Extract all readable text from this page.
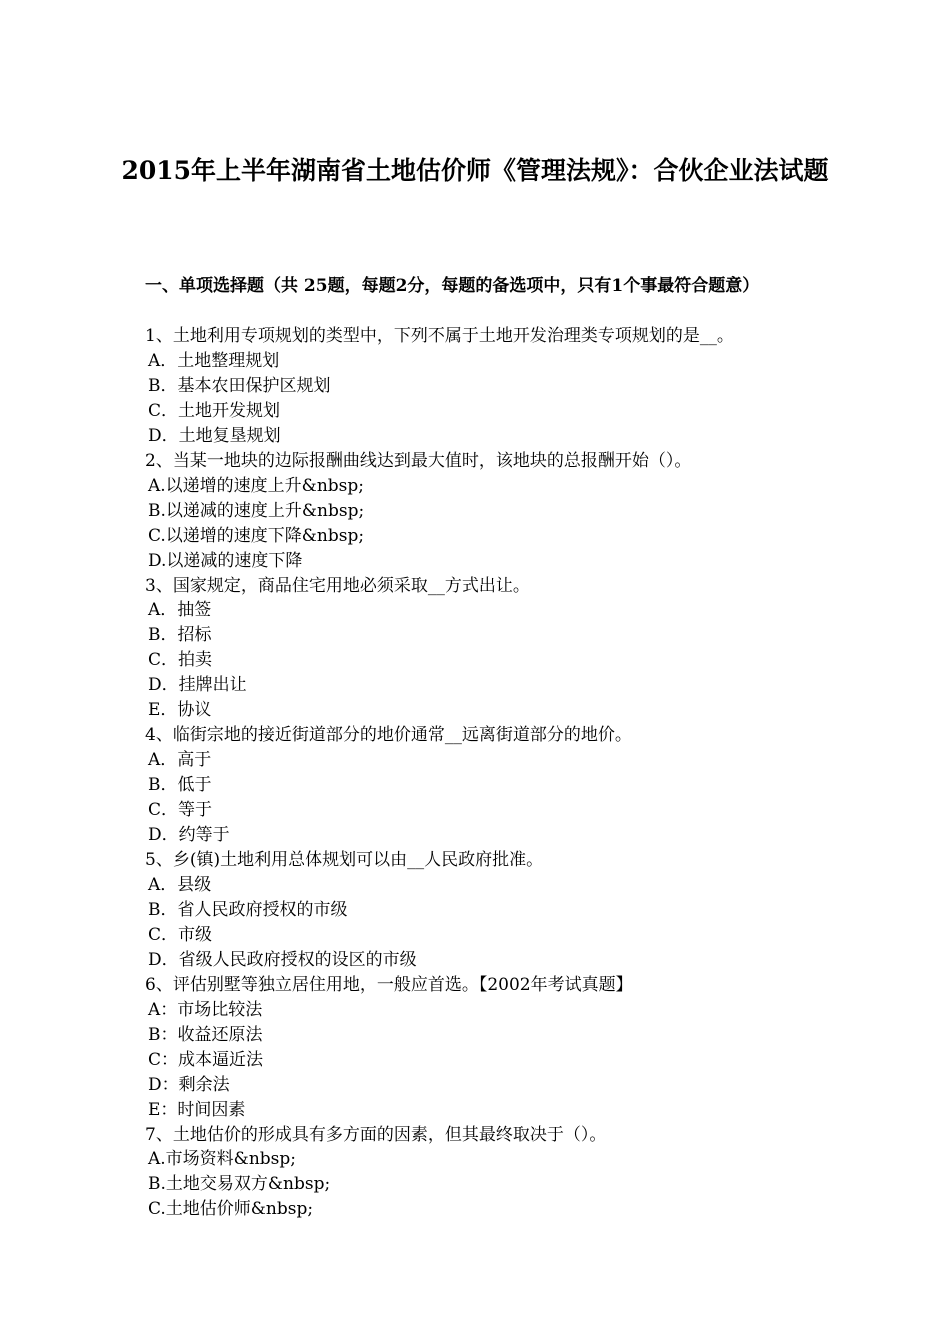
2015年上半年湖南省土地估价师《管理法规》：合伙企业法试题

一、单项选择题（共 25题，每题2分，每题的备选项中，只有1个事最符合题意）

1、土地利用专项规划的类型中，下列不属于土地开发治理类专项规划的是__。

A．土地整理规划

B．基本农田保护区规划

C．土地开发规划

D．土地复垦规划

2、当某一地块的边际报酬曲线达到最大值时，该地块的总报酬开始（）。

A.以递增的速度上升&nbsp;

B.以递减的速度上升&nbsp;

C.以递增的速度下降&nbsp;

D.以递减的速度下降

3、国家规定，商品住宅用地必须采取__方式出让。

A．抽签

B．招标

C．拍卖

D．挂牌出让

E．协议

4、临街宗地的接近街道部分的地价通常__远离街道部分的地价。

A．高于

B．低于

C．等于

D．约等于

5、乡(镇)土地利用总体规划可以由__人民政府批准。

A．县级

B．省人民政府授权的市级

C．市级

D．省级人民政府授权的设区的市级

6、评估别墅等独立居住用地，一般应首选。【2002年考试真题】

A：市场比较法

B：收益还原法

C：成本逼近法

D：剩余法

E：时间因素

7、土地估价的形成具有多方面的因素，但其最终取决于（）。

A.市场资料&nbsp;

B.土地交易双方&nbsp;

C.土地估价师&nbsp;
